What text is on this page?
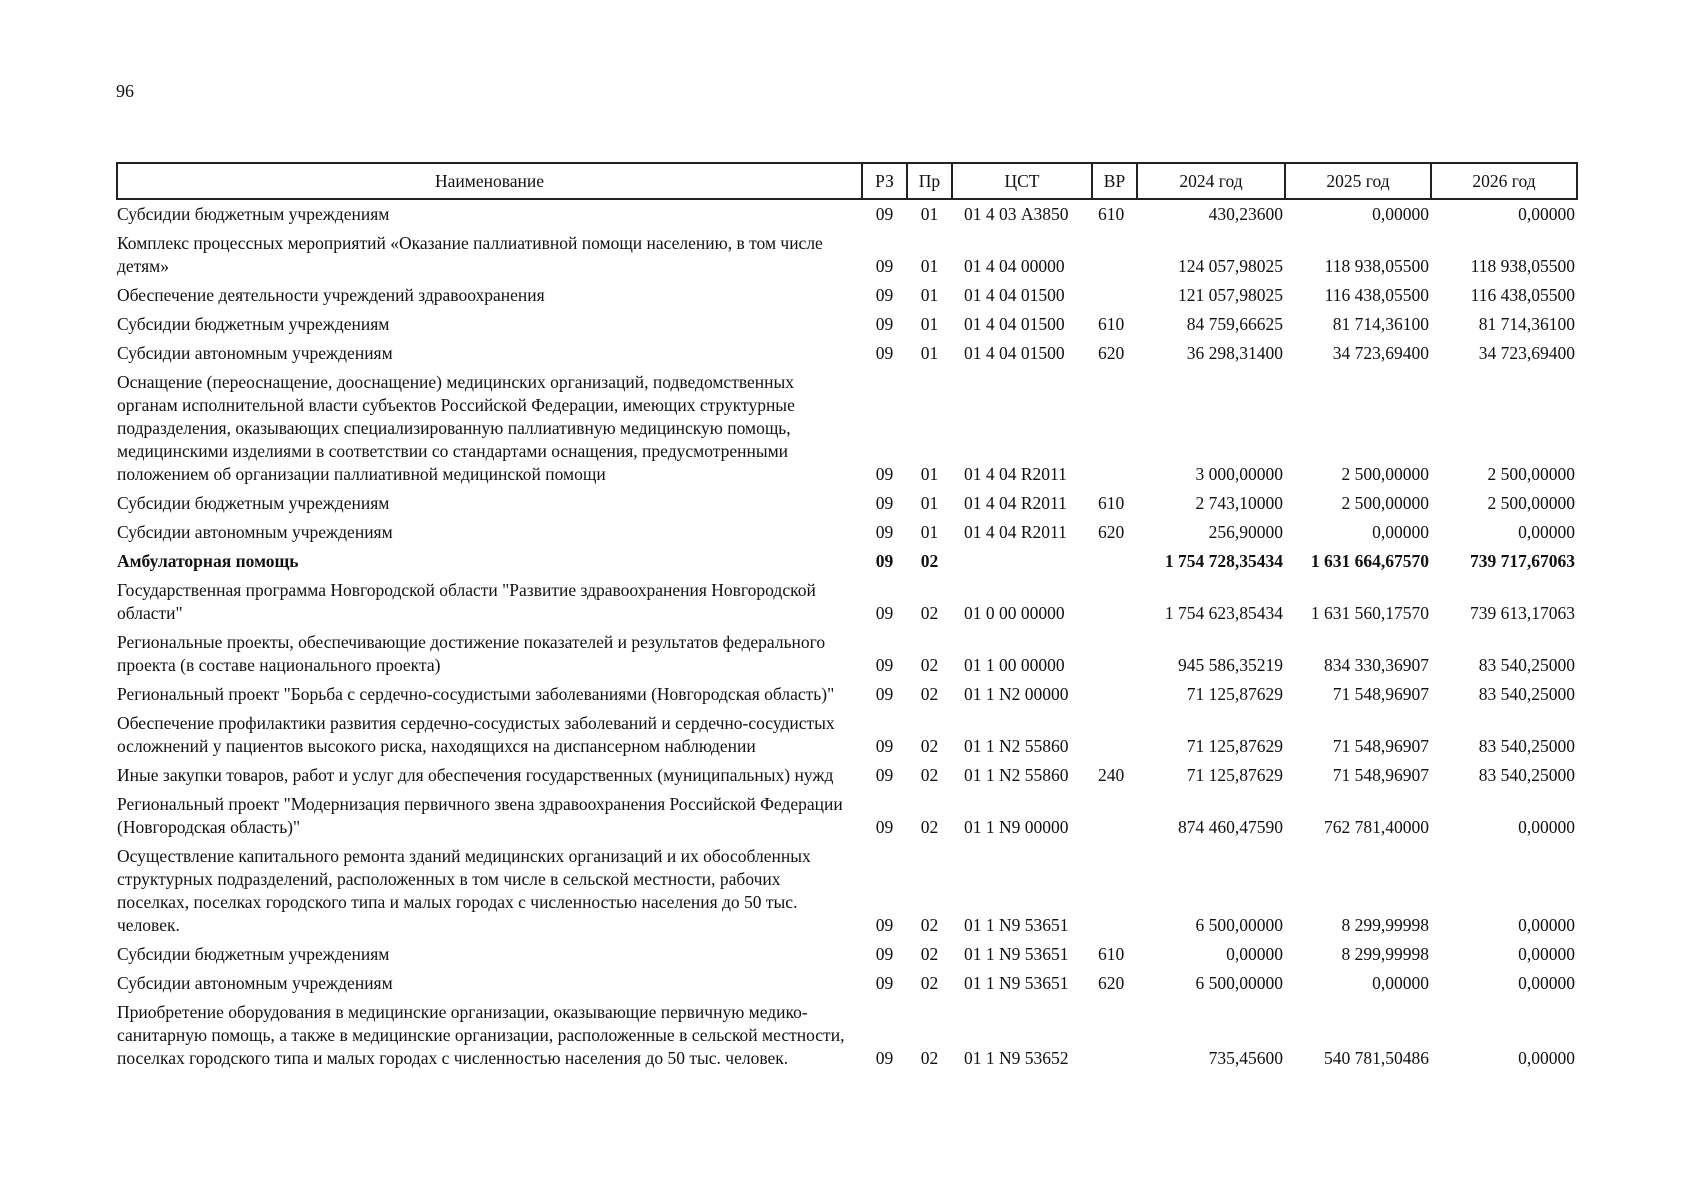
96
Наименование	РЗ	Пр	ЦСТ	ВР	2024 год	2025 год	2026 год
Субсидии бюджетным учреждениям	09	01	01 4 03 А3850	610	430,23600	0,00000	0,00000
Комплекс процессных мероприятий «Оказание паллиативной помощи населению, в том числе детям»	09	01	01 4 04 00000		124 057,98025	118 938,05500	118 938,05500
Обеспечение деятельности учреждений здравоохранения	09	01	01 4 04 01500		121 057,98025	116 438,05500	116 438,05500
Субсидии бюджетным учреждениям	09	01	01 4 04 01500	610	84 759,66625	81 714,36100	81 714,36100
Субсидии автономным учреждениям	09	01	01 4 04 01500	620	36 298,31400	34 723,69400	34 723,69400
Оснащение (переоснащение, дооснащение) медицинских организаций, подведомственных органам исполнительной власти субъектов Российской Федерации, имеющих структурные подразделения, оказывающих специализированную паллиативную медицинскую помощь, медицинскими изделиями в соответствии со стандартами оснащения, предусмотренными положением об организации паллиативной медицинской помощи	09	01	01 4 04 R2011		3 000,00000	2 500,00000	2 500,00000
Субсидии бюджетным учреждениям	09	01	01 4 04 R2011	610	2 743,10000	2 500,00000	2 500,00000
Субсидии автономным учреждениям	09	01	01 4 04 R2011	620	256,90000	0,00000	0,00000
Амбулаторная помощь	09	02			1 754 728,35434	1 631 664,67570	739 717,67063
Государственная программа Новгородской области "Развитие здравоохранения Новгородской области"	09	02	01 0 00 00000		1 754 623,85434	1 631 560,17570	739 613,17063
Региональные проекты, обеспечивающие достижение показателей и результатов федерального проекта (в составе национального проекта)	09	02	01 1 00 00000		945 586,35219	834 330,36907	83 540,25000
Региональный проект "Борьба с сердечно-сосудистыми заболеваниями (Новгородская область)"	09	02	01 1 N2 00000		71 125,87629	71 548,96907	83 540,25000
Обеспечение профилактики развития сердечно-сосудистых заболеваний и сердечно-сосудистых осложнений у пациентов высокого риска, находящихся на диспансерном наблюдении	09	02	01 1 N2 55860		71 125,87629	71 548,96907	83 540,25000
Иные закупки товаров, работ и услуг для обеспечения государственных (муниципальных) нужд	09	02	01 1 N2 55860	240	71 125,87629	71 548,96907	83 540,25000
Региональный проект "Модернизация первичного звена здравоохранения Российской Федерации (Новгородская область)"	09	02	01 1 N9 00000		874 460,47590	762 781,40000	0,00000
Осуществление капитального ремонта зданий медицинских организаций и их обособленных структурных подразделений, расположенных в том числе в сельской местности, рабочих поселках, поселках городского типа и малых городах с численностью населения до 50 тыс. человек.	09	02	01 1 N9 53651		6 500,00000	8 299,99998	0,00000
Субсидии бюджетным учреждениям	09	02	01 1 N9 53651	610	0,00000	8 299,99998	0,00000
Субсидии автономным учреждениям	09	02	01 1 N9 53651	620	6 500,00000	0,00000	0,00000
Приобретение оборудования в медицинские организации, оказывающие первичную медико-санитарную помощь, а также в медицинские организации, расположенные в сельской местности, поселках городского типа и малых городах с численностью населения до 50 тыс. человек.	09	02	01 1 N9 53652		735,45600	540 781,50486	0,00000
